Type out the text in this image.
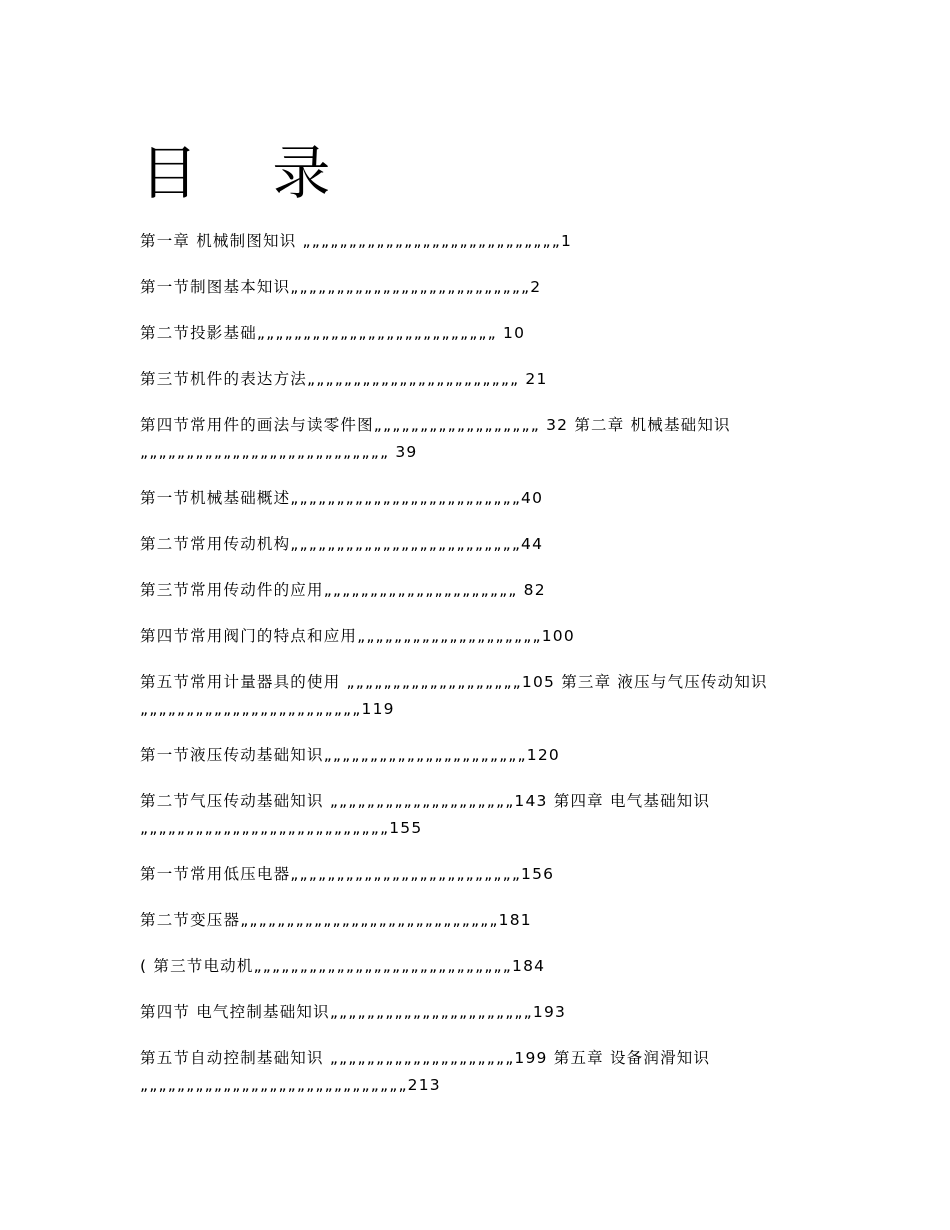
目 录
第一章 机械制图知识 „„„„„„„„„„„„„„„„„„„„„„„„„„„„1
第一节制图基本知识„„„„„„„„„„„„„„„„„„„„„„„„„„2
第二节投影基础„„„„„„„„„„„„„„„„„„„„„„„„„„ 10
第三节机件的表达方法„„„„„„„„„„„„„„„„„„„„„„„ 21
第四节常用件的画法与读零件图„„„„„„„„„„„„„„„„„„ 32 第二章 机械基础知识„„„„„„„„„„„„„„„„„„„„„„„„„„„ 39
第一节机械基础概述„„„„„„„„„„„„„„„„„„„„„„„„„40
第二节常用传动机构„„„„„„„„„„„„„„„„„„„„„„„„„44
第三节常用传动件的应用„„„„„„„„„„„„„„„„„„„„„ 82
第四节常用阀门的特点和应用„„„„„„„„„„„„„„„„„„„„100
第五节常用计量器具的使用 „„„„„„„„„„„„„„„„„„„105 第三章 液压与气压传动知识„„„„„„„„„„„„„„„„„„„„„„„„119
第一节液压传动基础知识„„„„„„„„„„„„„„„„„„„„„„120
第二节气压传动基础知识 „„„„„„„„„„„„„„„„„„„„143 第四章 电气基础知识 „„„„„„„„„„„„„„„„„„„„„„„„„„„155
第一节常用低压电器„„„„„„„„„„„„„„„„„„„„„„„„„156
第二节变压器„„„„„„„„„„„„„„„„„„„„„„„„„„„„181
( 第三节电动机„„„„„„„„„„„„„„„„„„„„„„„„„„„„184
第四节 电气控制基础知识„„„„„„„„„„„„„„„„„„„„„„193
第五节自动控制基础知识 „„„„„„„„„„„„„„„„„„„„199 第五章 设备润滑知识„„„„„„„„„„„„„„„„„„„„„„„„„„„„„213
